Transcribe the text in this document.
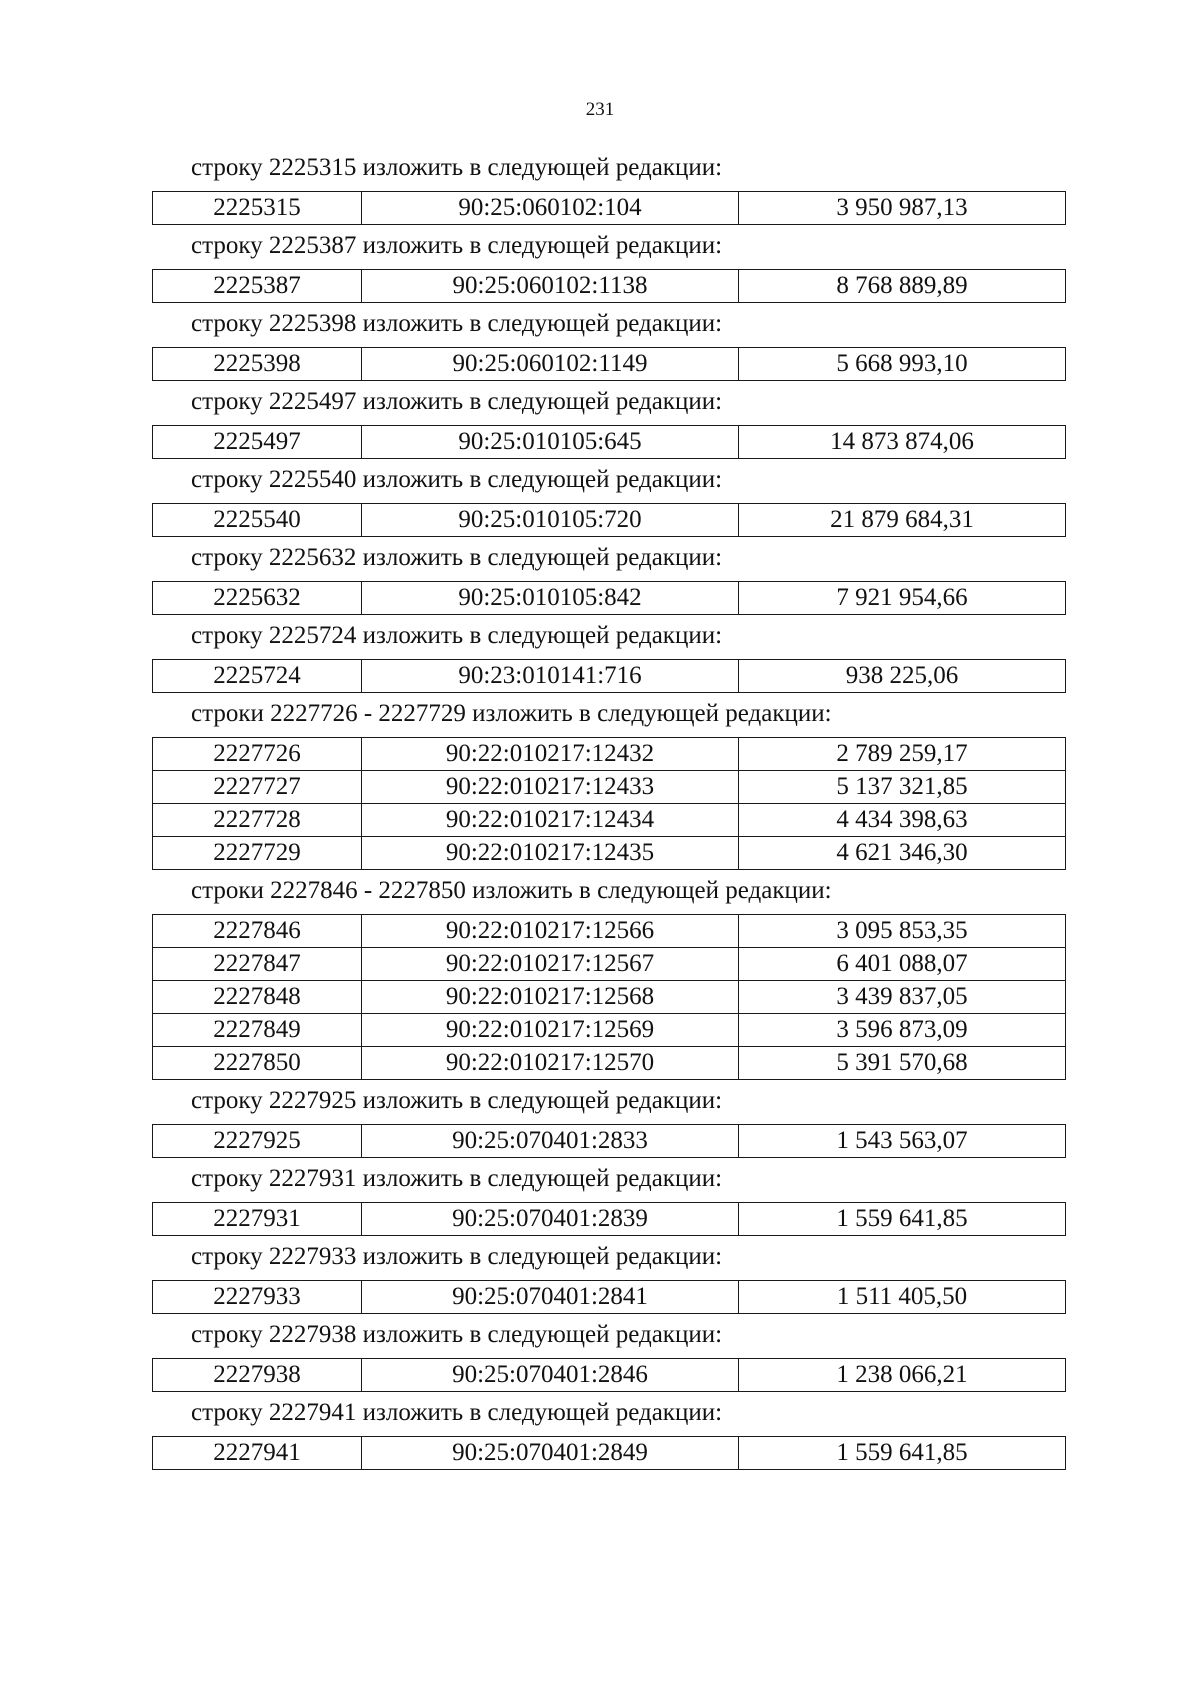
231
строку 2225315 изложить в следующей редакции:
2225315	90:25:060102:104	3 950 987,13
строку 2225387 изложить в следующей редакции:
2225387	90:25:060102:1138	8 768 889,89
строку 2225398 изложить в следующей редакции:
2225398	90:25:060102:1149	5 668 993,10
строку 2225497 изложить в следующей редакции:
2225497	90:25:010105:645	14 873 874,06
строку 2225540 изложить в следующей редакции:
2225540	90:25:010105:720	21 879 684,31
строку 2225632 изложить в следующей редакции:
2225632	90:25:010105:842	7 921 954,66
строку 2225724 изложить в следующей редакции:
2225724	90:23:010141:716	938 225,06
строки 2227726 - 2227729 изложить в следующей редакции:
2227726	90:22:010217:12432	2 789 259,17
2227727	90:22:010217:12433	5 137 321,85
2227728	90:22:010217:12434	4 434 398,63
2227729	90:22:010217:12435	4 621 346,30
строки 2227846 - 2227850 изложить в следующей редакции:
2227846	90:22:010217:12566	3 095 853,35
2227847	90:22:010217:12567	6 401 088,07
2227848	90:22:010217:12568	3 439 837,05
2227849	90:22:010217:12569	3 596 873,09
2227850	90:22:010217:12570	5 391 570,68
строку 2227925 изложить в следующей редакции:
2227925	90:25:070401:2833	1 543 563,07
строку 2227931 изложить в следующей редакции:
2227931	90:25:070401:2839	1 559 641,85
строку 2227933 изложить в следующей редакции:
2227933	90:25:070401:2841	1 511 405,50
строку 2227938 изложить в следующей редакции:
2227938	90:25:070401:2846	1 238 066,21
строку 2227941 изложить в следующей редакции:
2227941	90:25:070401:2849	1 559 641,85
